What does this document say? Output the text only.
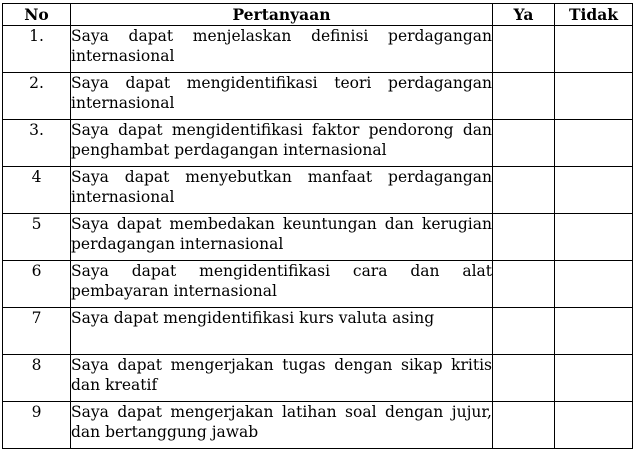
No	Pertanyaan	Ya	Tidak
1.	Saya dapat menjelaskan definisi perdagangan internasional		
2.	Saya dapat mengidentifikasi teori perdagangan internasional		
3.	Saya dapat mengidentifikasi faktor pendorong dan penghambat perdagangan internasional		
4	Saya dapat menyebutkan manfaat perdagangan internasional		
5	Saya dapat membedakan keuntungan dan kerugian perdagangan internasional		
6	Saya dapat mengidentifikasi cara dan alat pembayaran internasional		
7	Saya dapat mengidentifikasi kurs valuta asing		
8	Saya dapat mengerjakan tugas dengan sikap kritis dan kreatif		
9	Saya dapat mengerjakan latihan soal dengan jujur, dan bertanggung jawab		
